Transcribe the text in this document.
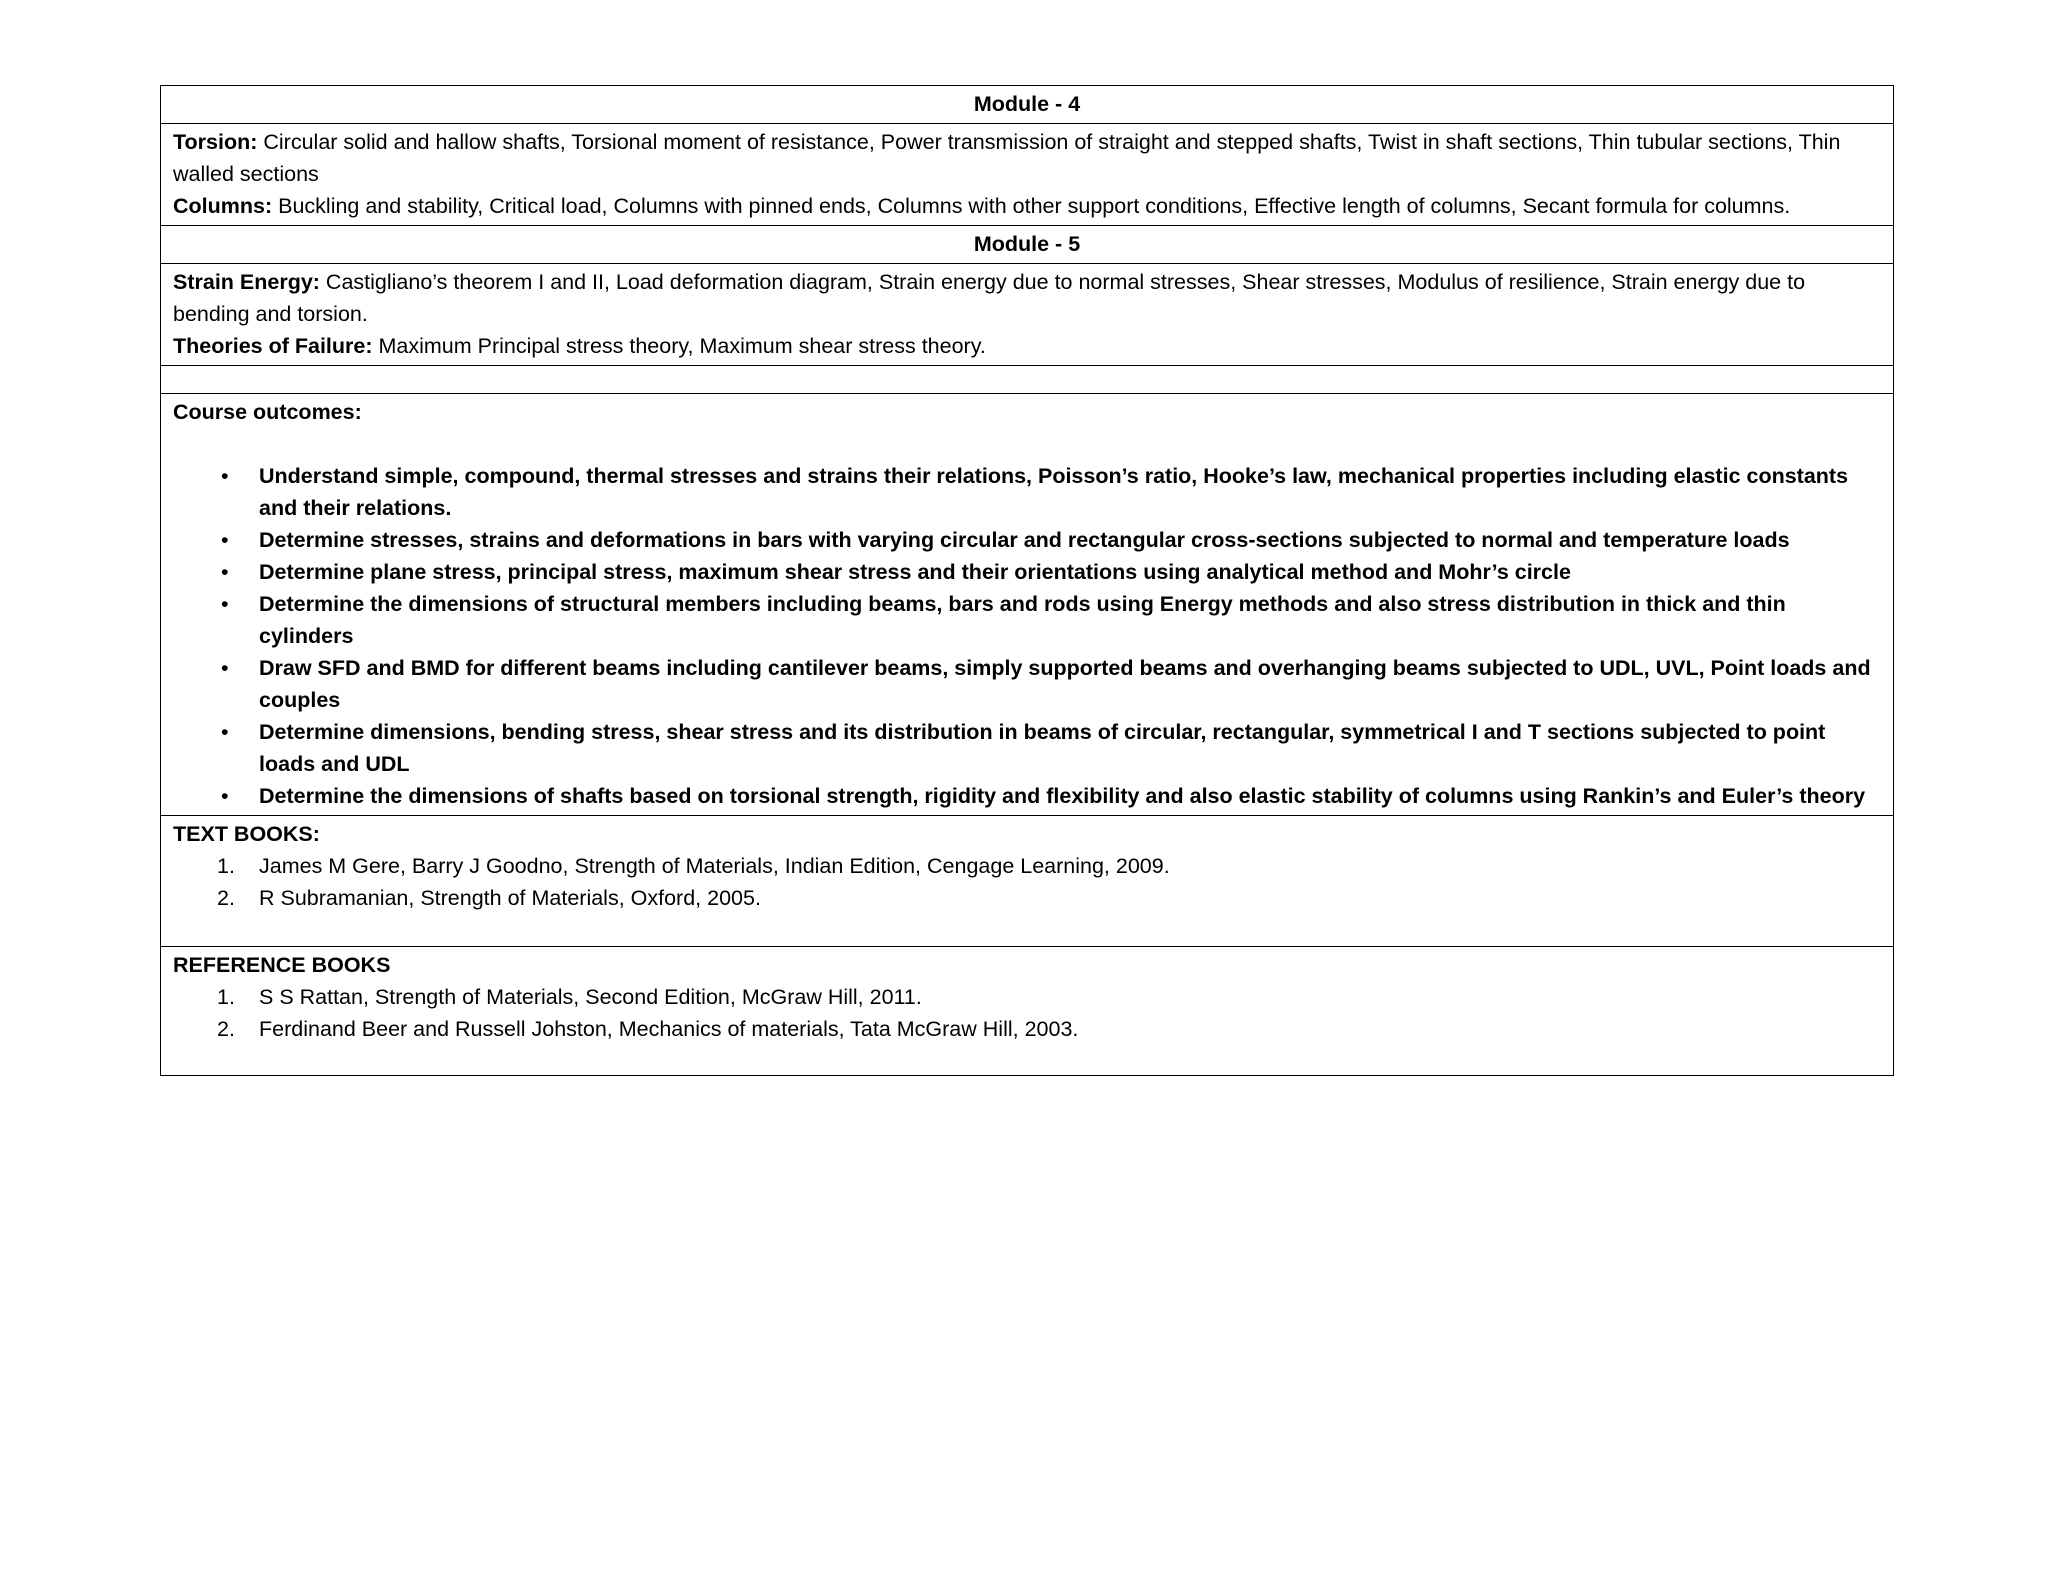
Module - 4

Torsion: Circular solid and hallow shafts, Torsional moment of resistance, Power transmission of straight and stepped shafts, Twist in shaft sections, Thin tubular sections, Thin walled sections

Columns: Buckling and stability, Critical load, Columns with pinned ends, Columns with other support conditions, Effective length of columns, Secant formula for columns.

Module - 5

Strain Energy: Castigliano’s theorem I and II, Load deformation diagram, Strain energy due to normal stresses, Shear stresses, Modulus of resilience, Strain energy due to bending and torsion.

Theories of Failure: Maximum Principal stress theory, Maximum shear stress theory.

Course outcomes:

• Understand simple, compound, thermal stresses and strains their relations, Poisson’s ratio, Hooke’s law, mechanical properties including elastic constants and their relations.
• Determine stresses, strains and deformations in bars with varying circular and rectangular cross-sections subjected to normal and temperature loads
• Determine plane stress, principal stress, maximum shear stress and their orientations using analytical method and Mohr’s circle
• Determine the dimensions of structural members including beams, bars and rods using Energy methods and also stress distribution in thick and thin cylinders
• Draw SFD and BMD for different beams including cantilever beams, simply supported beams and overhanging beams subjected to UDL, UVL, Point loads and couples
• Determine dimensions, bending stress, shear stress and its distribution in beams of circular, rectangular, symmetrical I and T sections subjected to point loads and UDL
• Determine the dimensions of shafts based on torsional strength, rigidity and flexibility and also elastic stability of columns using Rankin’s and Euler’s theory

TEXT BOOKS:

1. James M Gere, Barry J Goodno, Strength of Materials, Indian Edition, Cengage Learning, 2009.
2. R Subramanian, Strength of Materials, Oxford, 2005.

REFERENCE BOOKS

1. S S Rattan, Strength of Materials, Second Edition, McGraw Hill, 2011.
2. Ferdinand Beer and Russell Johston, Mechanics of materials, Tata McGraw Hill, 2003.
